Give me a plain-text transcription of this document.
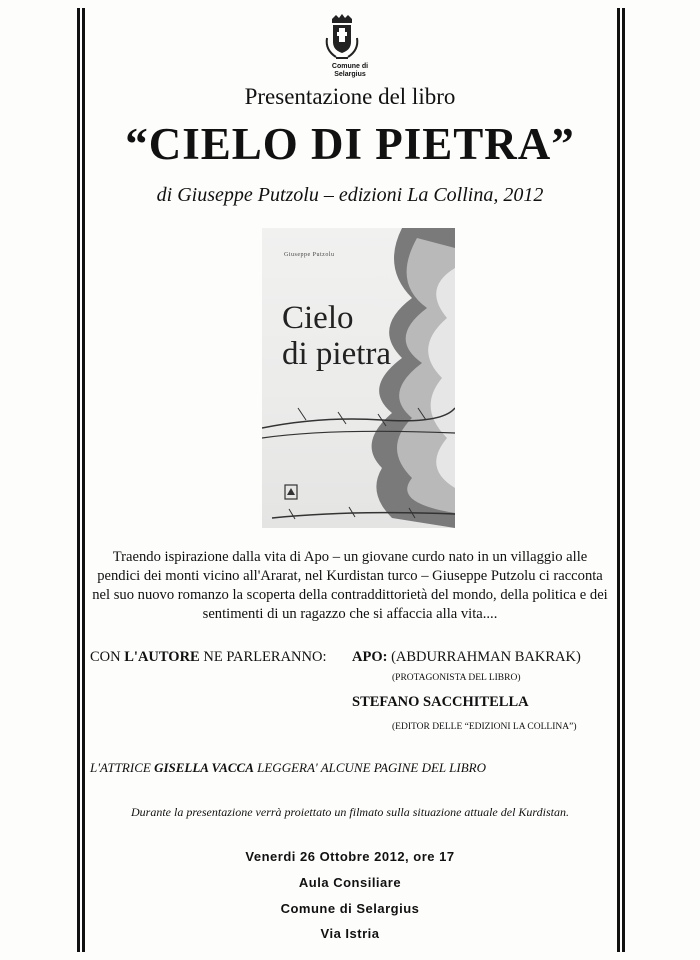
Comune di
Selargius
Presentazione del libro
“CIELO DI PIETRA”
di Giuseppe Putzolu – edizioni La Collina, 2012
Giuseppe Putzolu
Cielo
di pietra
Traendo ispirazione dalla vita di Apo – un giovane curdo nato in un villaggio alle pendici dei monti vicino all'Ararat, nel Kurdistan turco – Giuseppe Putzolu ci racconta nel suo nuovo romanzo la scoperta della contraddittorietà del mondo, della politica e dei sentimenti di un ragazzo che si affaccia alla vita....
CON L'AUTORE NE PARLERANNO: APO: (ABDURRAHMAN BAKRAK)
(PROTAGONISTA DEL LIBRO)
STEFANO SACCHITELLA
(EDITOR DELLE “EDIZIONI LA COLLINA”)
L'ATTRICE GISELLA VACCA LEGGERA' ALCUNE PAGINE DEL LIBRO
Durante la presentazione verrà proiettato un filmato sulla situazione attuale del Kurdistan.
Venerdi 26 Ottobre 2012, ore 17
Aula Consiliare
Comune di Selargius
Via Istria
